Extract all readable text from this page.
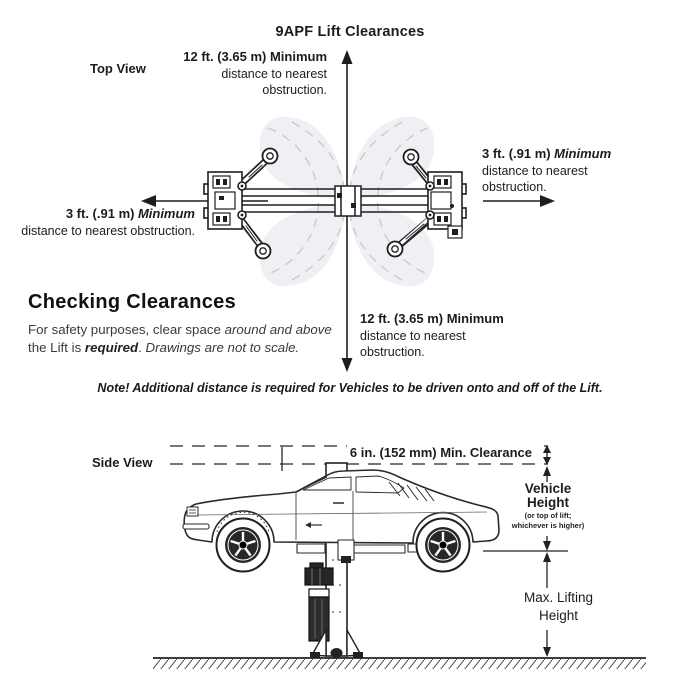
9APF Lift Clearances
Top View
12 ft. (3.65 m) Minimum
distance to nearest obstruction.
3 ft. (.91 m) Minimum
distance to nearest obstruction.
3 ft. (.91 m) Minimum
distance to nearest obstruction.
12 ft. (3.65 m) Minimum
distance to nearest obstruction.
Checking Clearances
For safety purposes, clear space around and above the Lift is required. Drawings are not to scale.
Note! Additional distance is required for Vehicles to be driven onto and off of the Lift.
Side View
6 in. (152 mm) Min. Clearance
Vehicle Height
(or top of lift; whichever is higher)
Max. Lifting Height
